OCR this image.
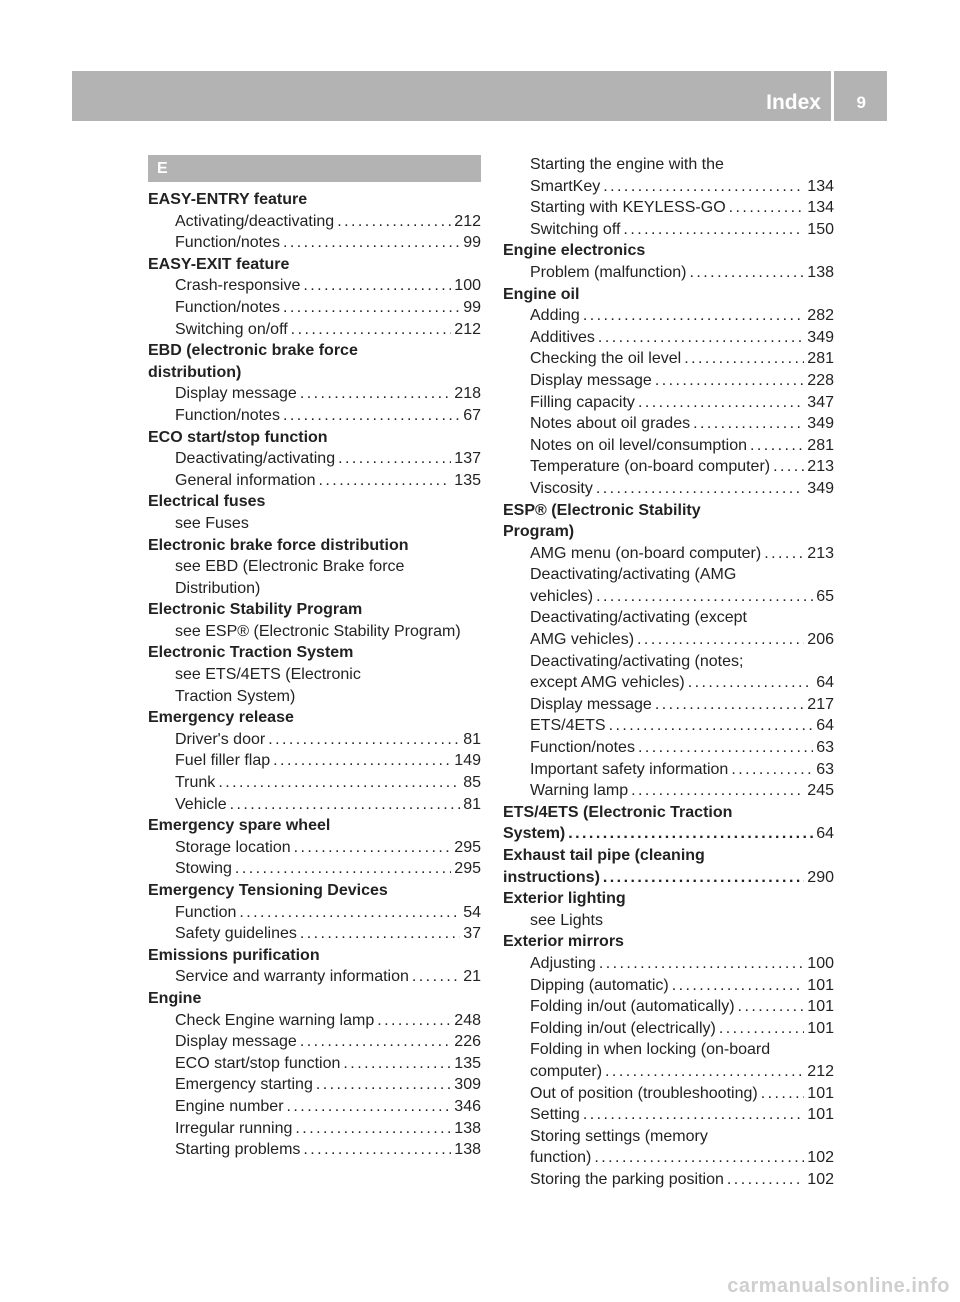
Index 9
E
EASY-ENTRY feature
Activating/deactivating . . .	212
Function/notes . . .	99
EASY-EXIT feature
Crash-responsive . . .	100
Function/notes . . .	99
Switching on/off . . .	212
EBD (electronic brake force
distribution)
Display message . . .	218
Function/notes . . .	67
ECO start/stop function
Deactivating/activating . . .	137
General information . . .	135
Electrical fuses
see Fuses
Electronic brake force distribution
see EBD (Electronic Brake force
Distribution)
Electronic Stability Program
see ESP® (Electronic Stability Program)
Electronic Traction System
see ETS/4ETS (Electronic
Traction System)
Emergency release
Driver's door . . .	81
Fuel filler flap . . .	149
Trunk . . .	85
Vehicle . . .	81
Emergency spare wheel
Storage location . . .	295
Stowing . . .	295
Emergency Tensioning Devices
Function . . .	54
Safety guidelines . . .	37
Emissions purification
Service and warranty information . . .	21
Engine
Check Engine warning lamp . . .	248
Display message . . .	226
ECO start/stop function . . .	135
Emergency starting . . .	309
Engine number . . .	346
Irregular running . . .	138
Starting problems . . .	138
Starting the engine with the
SmartKey . . .	134
Starting with KEYLESS-GO . . .	134
Switching off . . .	150
Engine electronics
Problem (malfunction) . . .	138
Engine oil
Adding . . .	282
Additives . . .	349
Checking the oil level . . .	281
Display message . . .	228
Filling capacity . . .	347
Notes about oil grades . . .	349
Notes on oil level/consumption . . .	281
Temperature (on-board computer) . . . 213
Viscosity . . .	349
ESP® (Electronic Stability
Program)
AMG menu (on-board computer) . . .	213
Deactivating/activating (AMG
vehicles) . . .	65
Deactivating/activating (except
AMG vehicles) . . .	206
Deactivating/activating (notes;
except AMG vehicles) . . .	64
Display message . . .	217
ETS/4ETS . . .	64
Function/notes . . .	63
Important safety information . . .	63
Warning lamp . . .	245
ETS/4ETS (Electronic Traction
System) . . .	64
Exhaust tail pipe (cleaning
instructions) . . .	290
Exterior lighting
see Lights
Exterior mirrors
Adjusting . . .	100
Dipping (automatic) . . .	101
Folding in/out (automatically) . . .	101
Folding in/out (electrically) . . .	101
Folding in when locking (on-board
computer) . . .	212
Out of position (troubleshooting) . . .	101
Setting . . .	101
Storing settings (memory
function) . . .	102
Storing the parking position . . .	102
carmanualsonline.info
